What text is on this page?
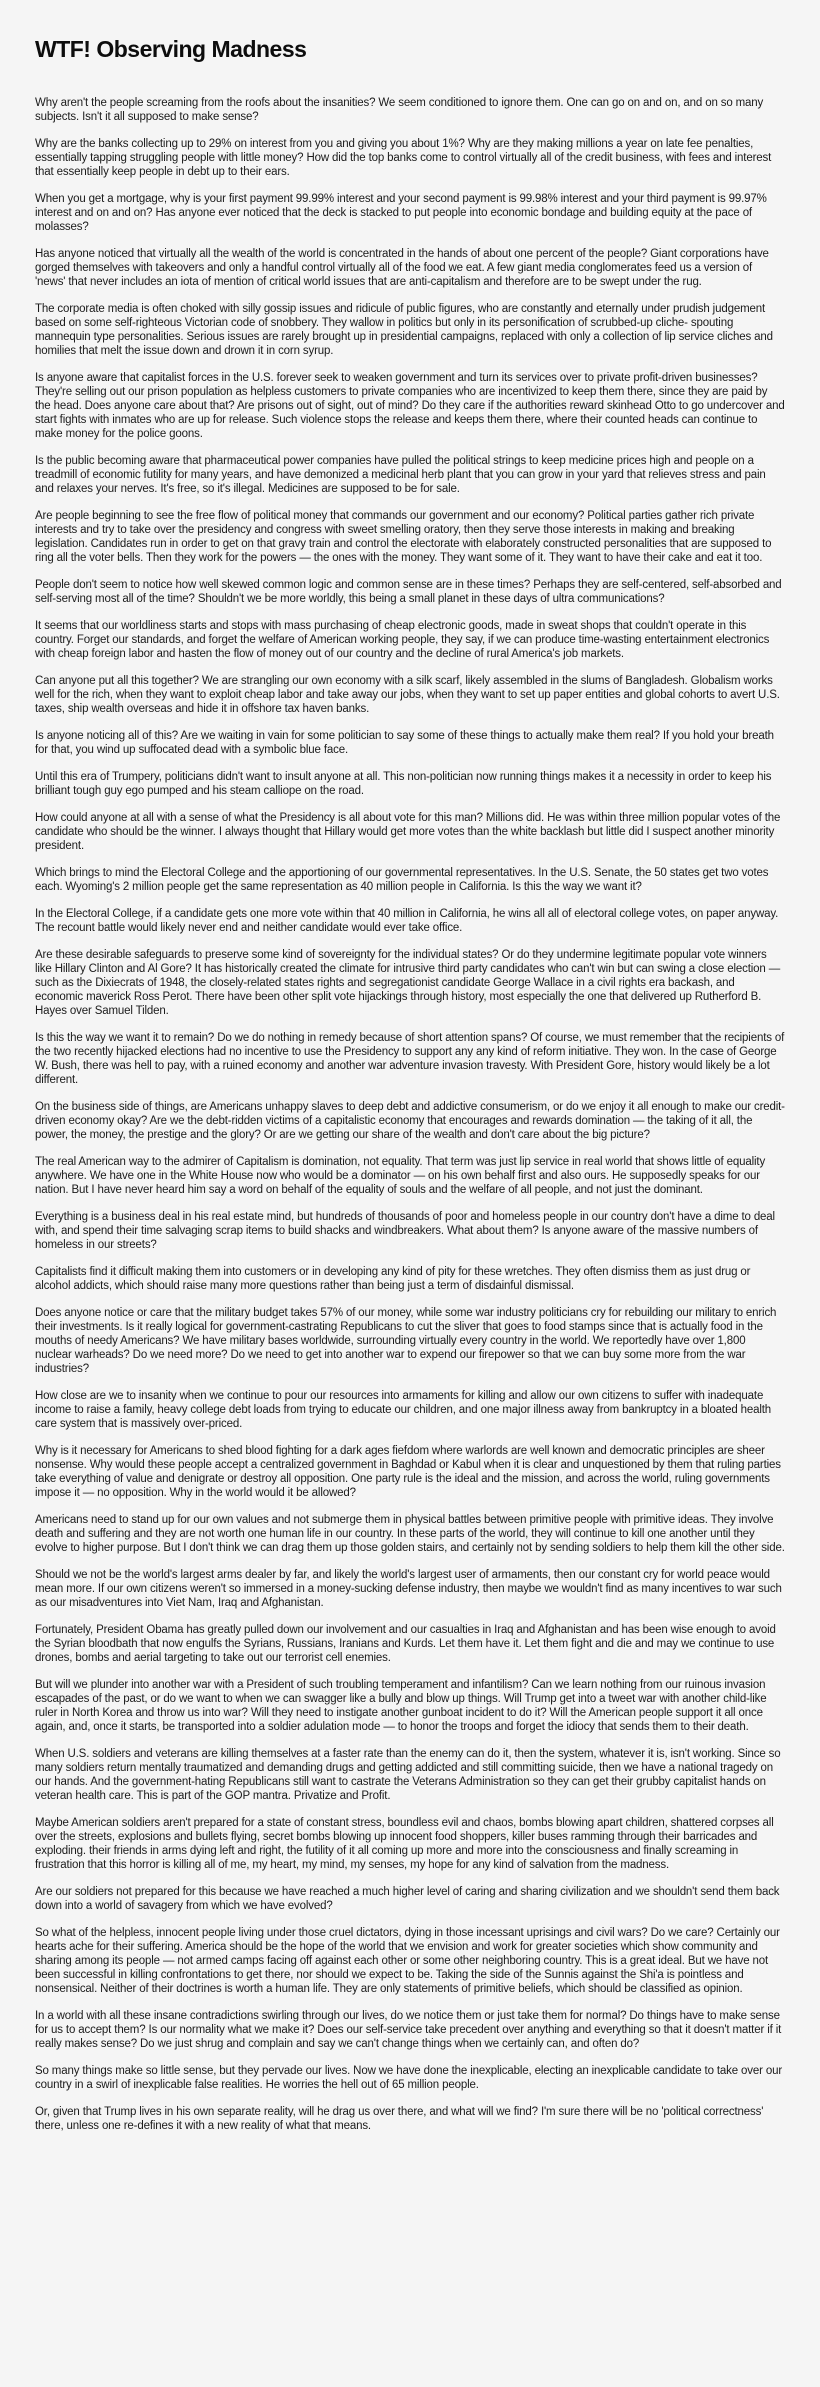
WTF! Observing Madness

Why aren't the people screaming from the roofs about the insanities? We seem conditioned to ignore them. One can go on and on, and on so many subjects. Isn't it all supposed to make sense?

Why are the banks collecting up to 29% on interest from you and giving you about 1%? Why are they making millions a year on late fee penalties, essentially tapping struggling people with little money? How did the top banks come to control virtually all of the credit business, with fees and interest that essentially keep people in debt up to their ears.

When you get a mortgage, why is your first payment 99.99% interest and your second payment is 99.98% interest and your third payment is 99.97% interest and on and on? Has anyone ever noticed that the deck is stacked to put people into economic bondage and building equity at the pace of molasses?

Has anyone noticed that virtually all the wealth of the world is concentrated in the hands of about one percent of the people? Giant corporations have gorged themselves with takeovers and only a handful control virtually all of the food we eat. A few giant media conglomerates feed us a version of 'news' that never includes an iota of mention of critical world issues that are anti-capitalism and therefore are to be swept under the rug.

The corporate media is often choked with silly gossip issues and ridicule of public figures, who are constantly and eternally under prudish judgement based on some self-righteous Victorian code of snobbery. They wallow in politics but only in its personification of scrubbed-up cliche- spouting mannequin type personalities. Serious issues are rarely brought up in presidential campaigns, replaced with only a collection of lip service cliches and homilies that melt the issue down and drown it in corn syrup.

Is anyone aware that capitalist forces in the U.S. forever seek to weaken government and turn its services over to private profit-driven businesses? They're selling out our prison population as helpless customers to private companies who are incentivized to keep them there, since they are paid by the head. Does anyone care about that? Are prisons out of sight, out of mind? Do they care if the authorities reward skinhead Otto to go undercover and start fights with inmates who are up for release. Such violence stops the release and keeps them there, where their counted heads can continue to make money for the police goons.

Is the public becoming aware that pharmaceutical power companies have pulled the political strings to keep medicine prices high and people on a treadmill of economic futility for many years, and have demonized a medicinal herb plant that you can grow in your yard that relieves stress and pain and relaxes your nerves. It's free, so it's illegal. Medicines are supposed to be for sale.

Are people beginning to see the free flow of political money that commands our government and our economy? Political parties gather rich private interests and try to take over the presidency and congress with sweet smelling oratory, then they serve those interests in making and breaking legislation. Candidates run in order to get on that gravy train and control the electorate with elaborately constructed personalities that are supposed to ring all the voter bells. Then they work for the powers — the ones with the money. They want some of it. They want to have their cake and eat it too.

People don't seem to notice how well skewed common logic and common sense are in these times? Perhaps they are self-centered, self-absorbed and self-serving most all of the time? Shouldn't we be more worldly, this being a small planet in these days of ultra communications?

It seems that our worldliness starts and stops with mass purchasing of cheap electronic goods, made in sweat shops that couldn't operate in this country. Forget our standards, and forget the welfare of American working people, they say, if we can produce time-wasting entertainment electronics with cheap foreign labor and hasten the flow of money out of our country and the decline of rural America's job markets.

Can anyone put all this together? We are strangling our own economy with a silk scarf, likely assembled in the slums of Bangladesh. Globalism works well for the rich, when they want to exploit cheap labor and take away our jobs, when they want to set up paper entities and global cohorts to avert U.S. taxes, ship wealth overseas and hide it in offshore tax haven banks.

Is anyone noticing all of this? Are we waiting in vain for some politician to say some of these things to actually make them real? If you hold your breath for that, you wind up suffocated dead with a symbolic blue face.

Until this era of Trumpery, politicians didn't want to insult anyone at all. This non-politician now running things makes it a necessity in order to keep his brilliant tough guy ego pumped and his steam calliope on the road.

How could anyone at all with a sense of what the Presidency is all about vote for this man? Millions did. He was within three million popular votes of the candidate who should be the winner. I always thought that Hillary would get more votes than the white backlash but little did I suspect another minority president.

Which brings to mind the Electoral College and the apportioning of our governmental representatives. In the U.S. Senate, the 50 states get two votes each. Wyoming's 2 million people get the same representation as 40 million people in California. Is this the way we want it?

In the Electoral College, if a candidate gets one more vote within that 40 million in California, he wins all all of electoral college votes, on paper anyway. The recount battle would likely never end and neither candidate would ever take office.

Are these desirable safeguards to preserve some kind of sovereignty for the individual states? Or do they undermine legitimate popular vote winners like Hillary Clinton and Al Gore? It has historically created the climate for intrusive third party candidates who can't win but can swing a close election — such as the Dixiecrats of 1948, the closely-related states rights and segregationist candidate George Wallace in a civil rights era backash, and economic maverick Ross Perot. There have been other split vote hijackings through history, most especially the one that delivered up Rutherford B. Hayes over Samuel Tilden.

Is this the way we want it to remain? Do we do nothing in remedy because of short attention spans? Of course, we must remember that the recipients of the two recently hijacked elections had no incentive to use the Presidency to support any any kind of reform initiative. They won. In the case of George W. Bush, there was hell to pay, with a ruined economy and another war adventure invasion travesty. With President Gore, history would likely be a lot different.

On the business side of things, are Americans unhappy slaves to deep debt and addictive consumerism, or do we enjoy it all enough to make our credit-driven economy okay? Are we the debt-ridden victims of a capitalistic economy that encourages and rewards domination — the taking of it all, the power, the money, the prestige and the glory? Or are we getting our share of the wealth and don't care about the big picture?

The real American way to the admirer of Capitalism is domination, not equality. That term was just lip service in real world that shows little of equality anywhere. We have one in the White House now who would be a dominator — on his own behalf first and also ours. He supposedly speaks for our nation. But I have never heard him say a word on behalf of the equality of souls and the welfare of all people, and not just the dominant.

Everything is a business deal in his real estate mind, but hundreds of thousands of poor and homeless people in our country don't have a dime to deal with, and spend their time salvaging scrap items to build shacks and windbreakers. What about them? Is anyone aware of the massive numbers of homeless in our streets?

Capitalists find it difficult making them into customers or in developing any kind of pity for these wretches. They often dismiss them as just drug or alcohol addicts, which should raise many more questions rather than being just a term of disdainful dismissal.

Does anyone notice or care that the military budget takes 57% of our money, while some war industry politicians cry for rebuilding our military to enrich their investments. Is it really logical for government-castrating Republicans to cut the sliver that goes to food stamps since that is actually food in the mouths of needy Americans? We have military bases worldwide, surrounding virtually every country in the world. We reportedly have over 1,800 nuclear warheads? Do we need more? Do we need to get into another war to expend our firepower so that we can buy some more from the war industries?

How close are we to insanity when we continue to pour our resources into armaments for killing and allow our own citizens to suffer with inadequate income to raise a family, heavy college debt loads from trying to educate our children, and one major illness away from bankruptcy in a bloated health care system that is massively over-priced.

Why is it necessary for Americans to shed blood fighting for a dark ages fiefdom where warlords are well known and democratic principles are sheer nonsense. Why would these people accept a centralized government in Baghdad or Kabul when it is clear and unquestioned by them that ruling parties take everything of value and denigrate or destroy all opposition. One party rule is the ideal and the mission, and across the world, ruling governments impose it — no opposition. Why in the world would it be allowed?

Americans need to stand up for our own values and not submerge them in physical battles between primitive people with primitive ideas. They involve death and suffering and they are not worth one human life in our country. In these parts of the world, they will continue to kill one another until they evolve to higher purpose. But I don't think we can drag them up those golden stairs, and certainly not by sending soldiers to help them kill the other side.

Should we not be the world's largest arms dealer by far, and likely the world's largest user of armaments, then our constant cry for world peace would mean more. If our own citizens weren't so immersed in a money-sucking defense industry, then maybe we wouldn't find as many incentives to war such as our misadventures into Viet Nam, Iraq and Afghanistan.

Fortunately, President Obama has greatly pulled down our involvement and our casualties in Iraq and Afghanistan and has been wise enough to avoid the Syrian bloodbath that now engulfs the Syrians, Russians, Iranians and Kurds. Let them have it. Let them fight and die and may we continue to use drones, bombs and aerial targeting to take out our terrorist cell enemies.

But will we plunder into another war with a President of such troubling temperament and infantilism? Can we learn nothing from our ruinous invasion escapades of the past, or do we want to when we can swagger like a bully and blow up things. Will Trump get into a tweet war with another child-like ruler in North Korea and throw us into war? Will they need to instigate another gunboat incident to do it? Will the American people support it all once again, and, once it starts, be transported into a soldier adulation mode — to honor the troops and forget the idiocy that sends them to their death.

When U.S. soldiers and veterans are killing themselves at a faster rate than the enemy can do it, then the system, whatever it is, isn't working. Since so many soldiers return mentally traumatized and demanding drugs and getting addicted and still committing suicide, then we have a national tragedy on our hands. And the government-hating Republicans still want to castrate the Veterans Administration so they can get their grubby capitalist hands on veteran health care. This is part of the GOP mantra. Privatize and Profit.

Maybe American soldiers aren't prepared for a state of constant stress, boundless evil and chaos, bombs blowing apart children, shattered corpses all over the streets, explosions and bullets flying, secret bombs blowing up innocent food shoppers, killer buses ramming through their barricades and exploding. their friends in arms dying left and right, the futility of it all coming up more and more into the consciousness and finally screaming in frustration that this horror is killing all of me, my heart, my mind, my senses, my hope for any kind of salvation from the madness.

Are our soldiers not prepared for this because we have reached a much higher level of caring and sharing civilization and we shouldn't send them back down into a world of savagery from which we have evolved?

So what of the helpless, innocent people living under those cruel dictators, dying in those incessant uprisings and civil wars? Do we care? Certainly our hearts ache for their suffering. America should be the hope of the world that we envision and work for greater societies which show community and sharing among its people — not armed camps facing off against each other or some other neighboring country. This is a great ideal. But we have not been successful in killing confrontations to get there, nor should we expect to be. Taking the side of the Sunnis against the Shi'a is pointless and nonsensical. Neither of their doctrines is worth a human life. They are only statements of primitive beliefs, which should be classified as opinion.

In a world with all these insane contradictions swirling through our lives, do we notice them or just take them for normal? Do things have to make sense for us to accept them? Is our normality what we make it? Does our self-service take precedent over anything and everything so that it doesn't matter if it really makes sense? Do we just shrug and complain and say we can't change things when we certainly can, and often do?

So many things make so little sense, but they pervade our lives. Now we have done the inexplicable, electing an inexplicable candidate to take over our country in a swirl of inexplicable false realities. He worries the hell out of 65 million people.

Or, given that Trump lives in his own separate reality, will he drag us over there, and what will we find? I'm sure there will be no 'political correctness' there, unless one re-defines it with a new reality of what that means.
